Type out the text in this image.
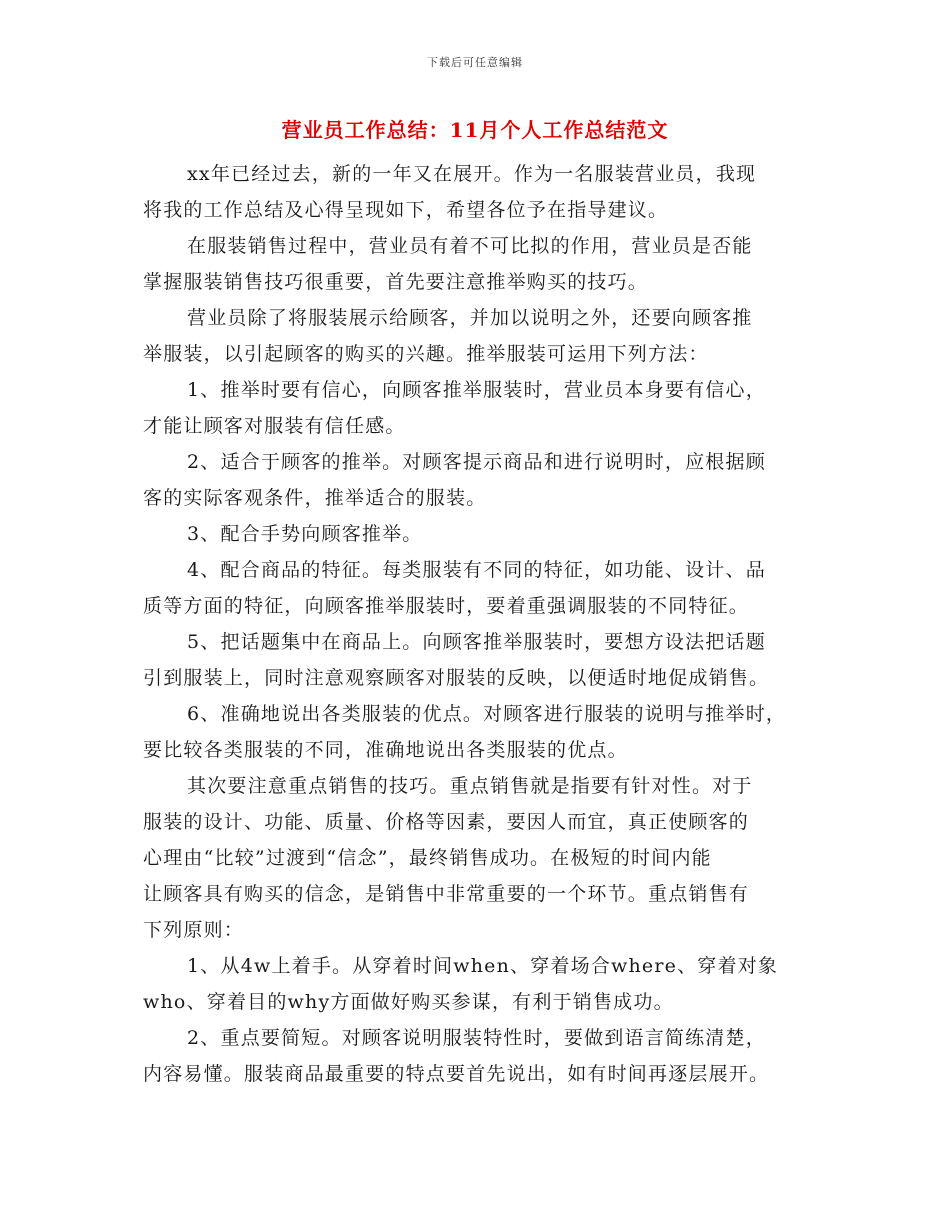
下载后可任意编辑
营业员工作总结：11月个人工作总结范文
xx年已经过去，新的一年又在展开。作为一名服装营业员，我现
将我的工作总结及心得呈现如下，希望各位予在指导建议。
在服装销售过程中，营业员有着不可比拟的作用，营业员是否能
掌握服装销售技巧很重要，首先要注意推举购买的技巧。
营业员除了将服装展示给顾客，并加以说明之外，还要向顾客推
举服装，以引起顾客的购买的兴趣。推举服装可运用下列方法：
1、推举时要有信心，向顾客推举服装时，营业员本身要有信心，
才能让顾客对服装有信任感。
2、适合于顾客的推举。对顾客提示商品和进行说明时，应根据顾
客的实际客观条件，推举适合的服装。
3、配合手势向顾客推举。
4、配合商品的特征。每类服装有不同的特征，如功能、设计、品
质等方面的特征，向顾客推举服装时，要着重强调服装的不同特征。
5、把话题集中在商品上。向顾客推举服装时，要想方设法把话题
引到服装上，同时注意观察顾客对服装的反映，以便适时地促成销售。
6、准确地说出各类服装的优点。对顾客进行服装的说明与推举时，
要比较各类服装的不同，准确地说出各类服装的优点。
其次要注意重点销售的技巧。重点销售就是指要有针对性。对于
服装的设计、功能、质量、价格等因素，要因人而宜，真正使顾客的
心理由“比较”过渡到“信念”，最终销售成功。在极短的时间内能
让顾客具有购买的信念，是销售中非常重要的一个环节。重点销售有
下列原则：
1、从4w上着手。从穿着时间when、穿着场合where、穿着对象
who、穿着目的why方面做好购买参谋，有利于销售成功。
2、重点要简短。对顾客说明服装特性时，要做到语言简练清楚，
内容易懂。服装商品最重要的特点要首先说出，如有时间再逐层展开。
